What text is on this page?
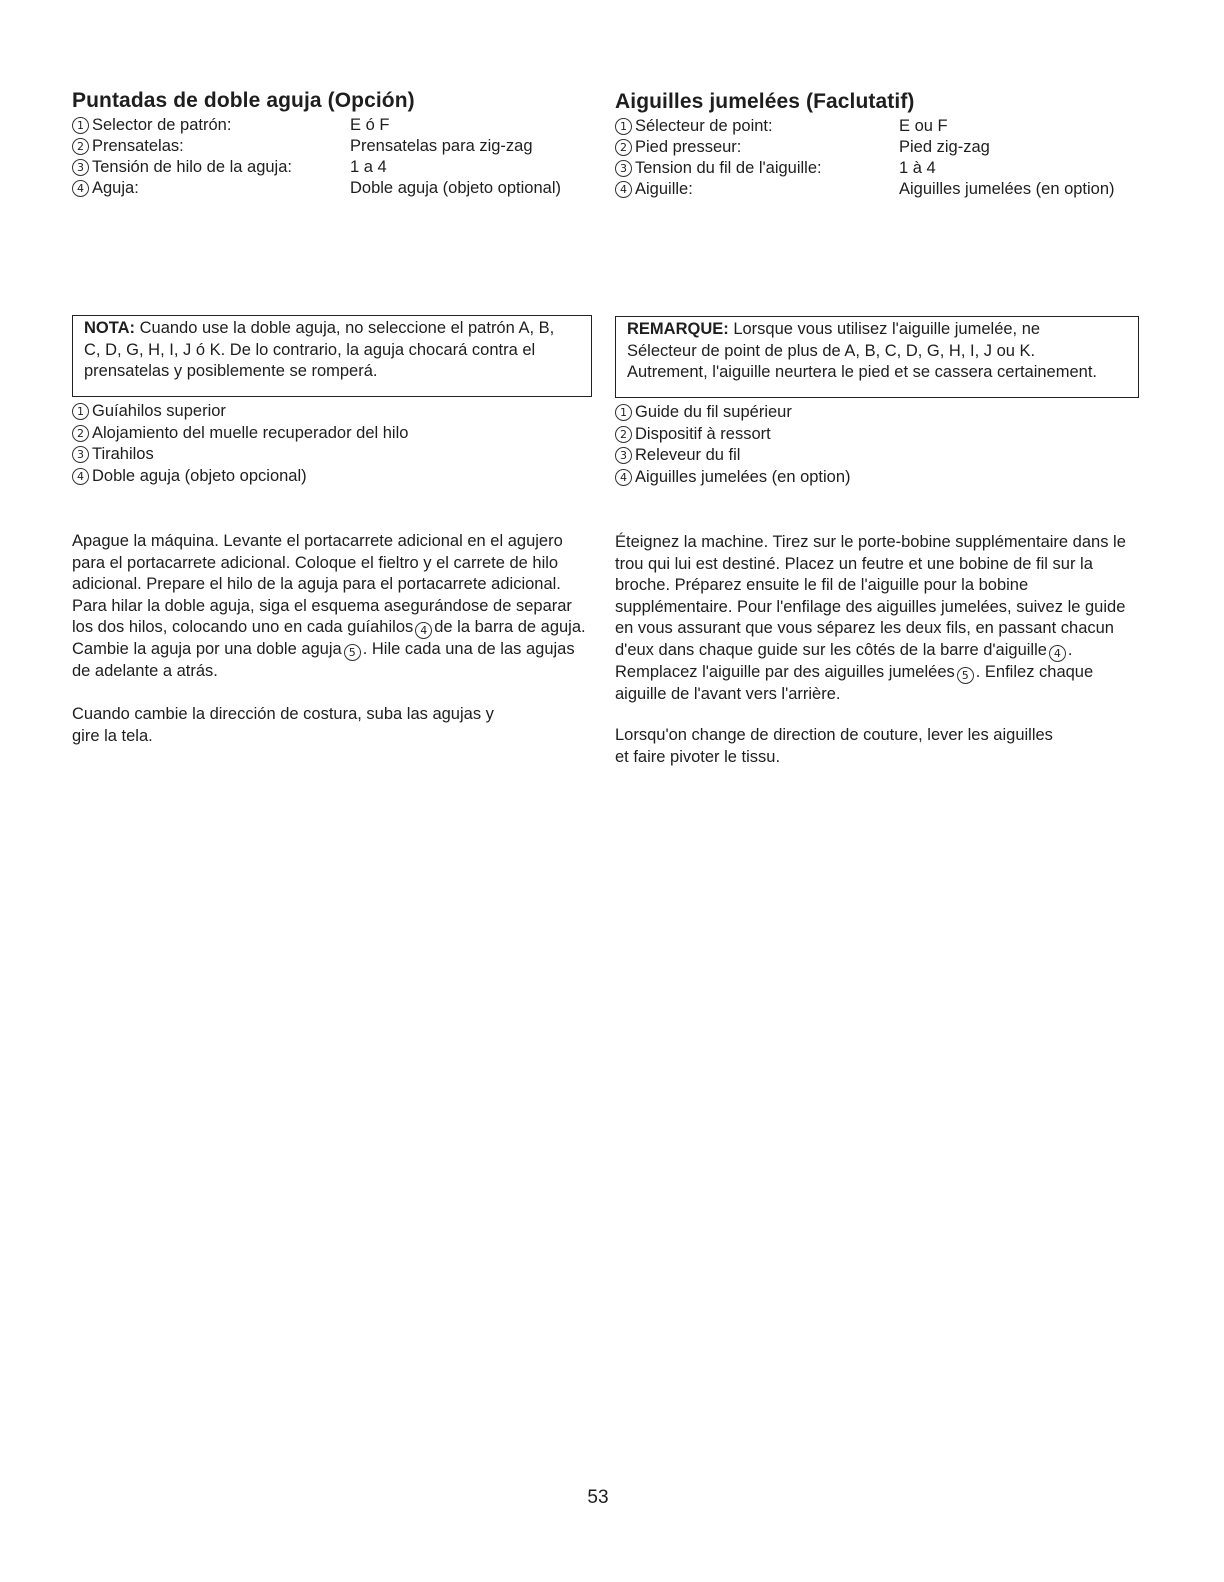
Puntadas de doble aguja (Opción)
1 Selector de patrón:	E ó F
2 Prensatelas:	Prensatelas para zig-zag
3 Tensión de hilo de la aguja:	1 a 4
4 Aguja:	Doble aguja (objeto optional)
NOTA: Cuando use la doble aguja, no seleccione el patrón A, B,
C, D, G, H, I, J ó K. De lo contrario, la aguja chocará contra el
prensatelas y posiblemente se romperá.
1 Guíahilos superior
2 Alojamiento del muelle recuperador del hilo
3 Tirahilos
4 Doble aguja (objeto opcional)

Apague la máquina. Levante el portacarrete adicional en el agujero para el portacarrete adicional. Coloque el fieltro y el carrete de hilo adicional. Prepare el hilo de la aguja para el portacarrete adicional. Para hilar la doble aguja, siga el esquema asegurándose de separar los dos hilos, colocando uno en cada guíahilos 4 de la barra de aguja. Cambie la aguja por una doble aguja 5 . Hile cada una de las agujas de adelante a atrás.

Cuando cambie la dirección de costura, suba las agujas y
gire la tela.
Aiguilles jumelées (Faclutatif)
1 Sélecteur de point:	E ou F
2 Pied presseur:	Pied zig-zag
3 Tension du fil de l'aiguille:	1 à 4
4 Aiguille:	Aiguilles jumelées (en option)
REMARQUE: Lorsque vous utilisez l'aiguille jumelée, ne
Sélecteur de point de plus de A, B, C, D, G, H, I, J ou K.
Autrement, l'aiguille neurtera le pied et se cassera certainement.
1 Guide du fil supérieur
2 Dispositif à ressort
3 Releveur du fil
4 Aiguilles jumelées (en option)

Éteignez la machine. Tirez sur le porte-bobine supplémentaire dans le trou qui lui est destiné. Placez un feutre et une bobine de fil sur la broche. Préparez ensuite le fil de l'aiguille pour la bobine supplémentaire. Pour l'enfilage des aiguilles jumelées, suivez le guide en vous assurant que vous séparez les deux fils, en passant chacun d'eux dans chaque guide sur les côtés de la barre d'aiguille 4 . Remplacez l'aiguille par des aiguilles jumelées 5 . Enfilez chaque aiguille de l'avant vers l'arrière.

Lorsqu'on change de direction de couture, lever les aiguilles
et faire pivoter le tissu.
53
